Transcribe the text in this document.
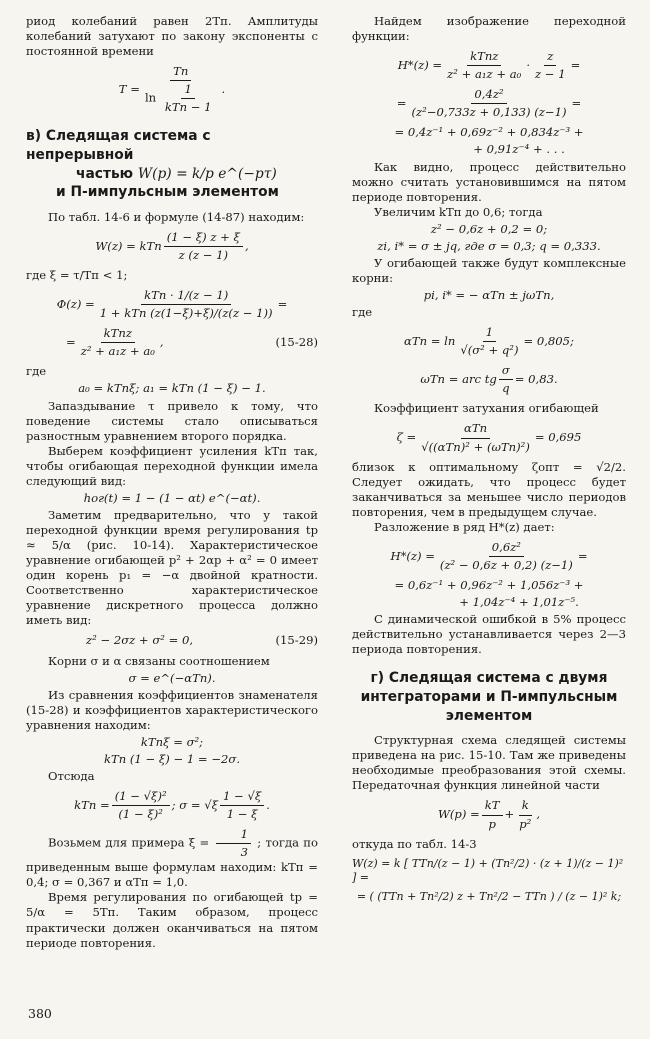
риод колебаний равен 2Tп. Амплитуды колебаний затухают по закону экспоненты с постоянной времени

$T = \frac{Tп}{\ln \frac{1}{\text{kTп − 1}}}$ .
в) Следящая система с непрерывной
частью W(p) = k/p e^(−pτ)
и П-импульсным элементом

По табл. 14-6 и формуле (14-87) находим:

W(z) = kTп $\frac{(1 - \xi) z + \xi}{z (z - 1)}$ ,

где ξ = τ/Tп < 1;

$\Phi(z) = \frac{\text{kTп · 1/(z − 1)}}{\text{1 + kTп (z(1−ξ)+ξ)/(z(z − 1))}}$ =
= $\frac{\text{kTпz}}{\text{z² + a₁z + a₀}}$ ,	(15-28)

где

a₀ = kTпξ; a₁ = kTп (1 − ξ) − 1.

Запаздывание τ привело к тому, что поведение системы стало описываться разностным уравнением второго порядка.

Выберем коэффициент усиления kTп так, чтобы огибающая переходной функции имела следующий вид:

hог(t) = 1 − (1 − αt) e^(−αt).

Заметим предварительно, что у такой переходной функции время регулирования tр ≈ 5/α (рис. 10-14). Характеристическое уравнение огибающей p² + 2αp + α² = 0 имеет один корень p₁ = −α двойной кратности. Соответственно характеристическое уравнение дискретного процесса должно иметь вид:

z² − 2σz + σ² = 0,	(15-29)

Корни σ и α связаны соотношением

σ = e^(−αTп).

Из сравнения коэффициентов знаменателя (15-28) и коэффициентов характеристического уравнения находим:

kTпξ = σ²;
kTп (1 − ξ) − 1 = −2σ.

Отсюда

kTп = $\frac{\text{(1 − √ξ)²}}{\text{(1 − ξ)²}}$ ; $\sigma = √\xi \frac{1 - √\xi}{1 - \xi}$ .

Возьмем для примера $\xi = \frac{1}{3}$ ; тогда по приведенным выше формулам находим: kTп = 0,4; σ = 0,367 и αTп = 1,0.

Время регулирования по огибающей tр = 5/α = 5Tп. Таким образом, процесс практически должен оканчиваться на пятом периоде повторения.

Найдем изображение переходной функции:

$H*(z) = \frac{\text{kTпz}}{\text{z² + a₁z + a₀}} \cdot \frac{z}{z - 1}$ =
= $\frac{\text{0,4z²}}{\text{(z²−0,733z + 0,133) (z−1)}}$ =
= 0,4z⁻¹ + 0,69z⁻² + 0,834z⁻³ +
+ 0,91z⁻⁴ + . . .

Как видно, процесс действительно можно считать установившимся на пятом периоде повторения.

Увеличим kTп до 0,6; тогда

z² − 0,6z + 0,2 = 0;
zi, i* = σ ± jq, где σ = 0,3; q = 0,333.

У огибающей также будут комплексные корни:

pi, i* = − αTп ± jωTп,

где

$\alpha Tп = \ln \frac{1}{\text{√(σ² + q²)}} = 0,805$;
ωTп = arc tg $\frac{\sigma}{q} = 0,83$.

Коэффициент затухания огибающей

$\zeta = \frac{\text{αTп}}{\text{√((αTп)² + (ωTп)²)}} = 0,695$

близок к оптимальному ζопт = √2/2. Следует ожидать, что процесс будет заканчиваться за меньшее число периодов повторения, чем в предыдущем случае.

Разложение в ряд H*(z) дает:

$H*(z) = \frac{\text{0,6z²}}{\text{(z² − 0,6z + 0,2) (z−1)}}$ =
= 0,6z⁻¹ + 0,96z⁻² + 1,056z⁻³ +
+ 1,04z⁻⁴ + 1,01z⁻⁵.

С динамической ошибкой в 5% процесс действительно устанавливается через 2—3 периода повторения.

г) Следящая система с двумя интеграторами и П-импульсным элементом

Структурная схема следящей системы приведена на рис. 15-10. Там же приведены необходимые преобразования этой схемы. Передаточная функция линейной части

$W(p) = \frac{kT}{p} + \frac{k}{\text{p²}}$ ,

откуда по табл. 14-3

W(z) = k [ TTп/(z − 1) + (Tп²/2) · (z + 1)/(z − 1)² ] =
= ( (TTп + Tп²/2) z + Tп²/2 − TTп ) / (z − 1)² k;
380
